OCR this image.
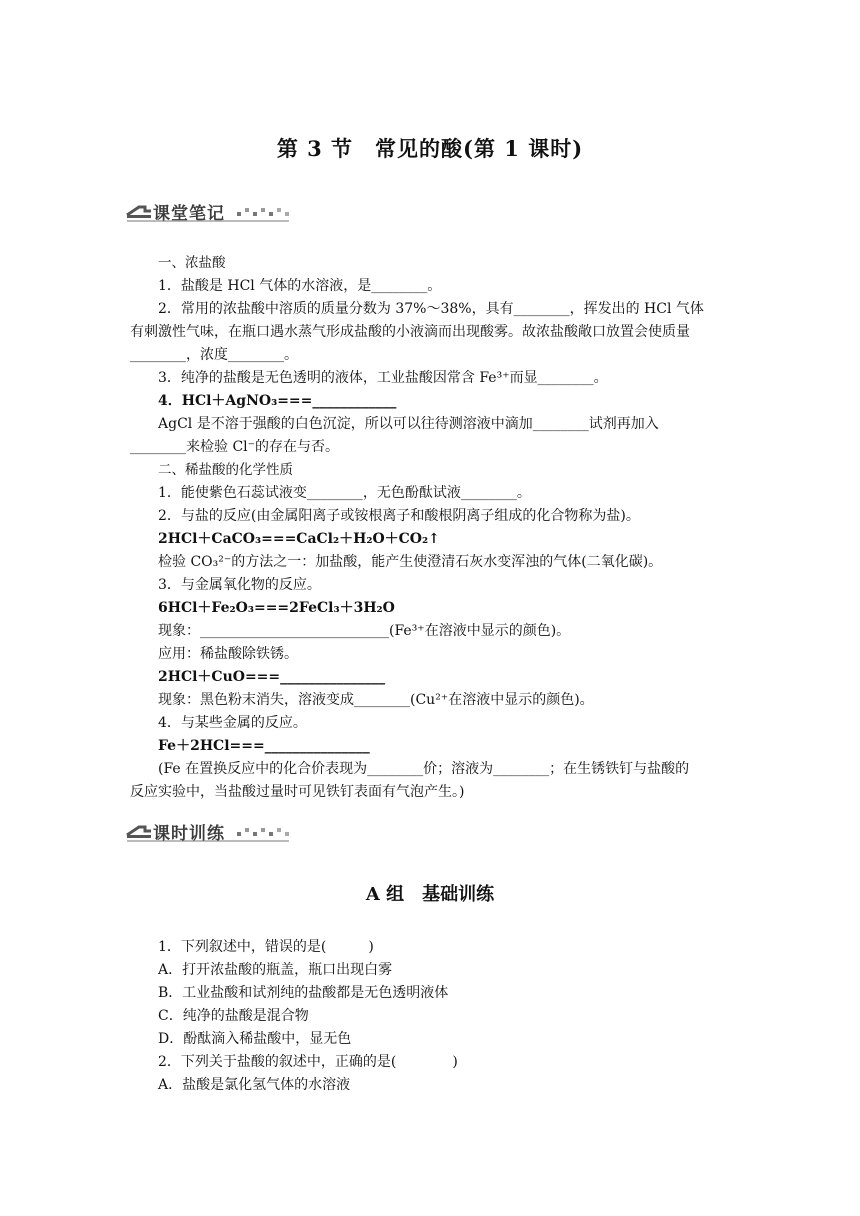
第 3 节　常见的酸(第 1 课时)
课堂笔记
一、浓盐酸
1．盐酸是 HCl 气体的水溶液，是________。
2．常用的浓盐酸中溶质的质量分数为 37%～38%，具有________，挥发出的 HCl 气体
有刺激性气味，在瓶口遇水蒸气形成盐酸的小液滴而出现酸雾。故浓盐酸敞口放置会使质量
________，浓度________。
3．纯净的盐酸是无色透明的液体，工业盐酸因常含 Fe³⁺而显________。
4．HCl＋AgNO₃===____________
AgCl 是不溶于强酸的白色沉淀，所以可以往待测溶液中滴加________试剂再加入
________来检验 Cl⁻的存在与否。
二、稀盐酸的化学性质
1．能使紫色石蕊试液变________，无色酚酞试液________。
2．与盐的反应(由金属阳离子或铵根离子和酸根阴离子组成的化合物称为盐)。
2HCl＋CaCO₃===CaCl₂＋H₂O＋CO₂↑
检验 CO₃²⁻的方法之一：加盐酸，能产生使澄清石灰水变浑浊的气体(二氧化碳)。
3．与金属氧化物的反应。
6HCl＋Fe₂O₃===2FeCl₃＋3H₂O
现象：___________________________(Fe³⁺在溶液中显示的颜色)。
应用：稀盐酸除铁锈。
2HCl＋CuO===_______________
现象：黑色粉末消失，溶液变成________(Cu²⁺在溶液中显示的颜色)。
4．与某些金属的反应。
Fe＋2HCl===_______________
(Fe 在置换反应中的化合价表现为________价；溶液为________；在生锈铁钉与盐酸的
反应实验中，当盐酸过量时可见铁钉表面有气泡产生。)
课时训练
A 组　基础训练
1．下列叙述中，错误的是(　　　)
A．打开浓盐酸的瓶盖，瓶口出现白雾
B．工业盐酸和试剂纯的盐酸都是无色透明液体
C．纯净的盐酸是混合物
D．酚酞滴入稀盐酸中，显无色
2．下列关于盐酸的叙述中，正确的是(　　　　)
A．盐酸是氯化氢气体的水溶液
